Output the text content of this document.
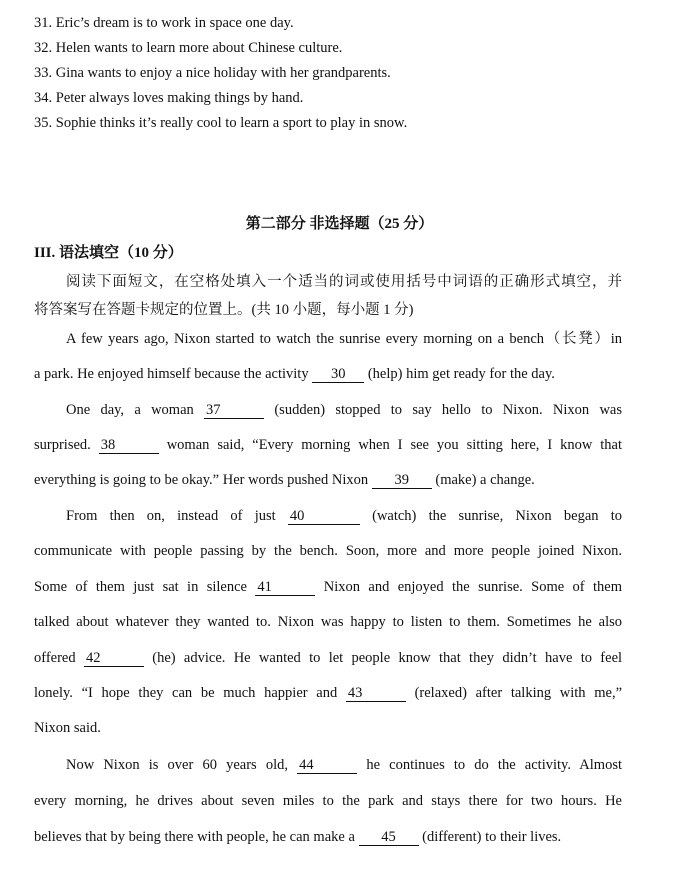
31. Eric’s dream is to work in space one day.
32. Helen wants to learn more about Chinese culture.
33. Gina wants to enjoy a nice holiday with her grandparents.
34. Peter always loves making things by hand.
35. Sophie thinks it’s really cool to learn a sport to play in snow.
第二部分 非选择题（25 分）
III. 语法填空（10 分）
阅读下面短文，在空格处填入一个适当的词或使用括号中词语的正确形式填空，并
将答案写在答题卡规定的位置上。(共 10 小题，每小题 1 分)
A few years ago, Nixon started to watch the sunrise every morning on a bench（长凳）in
a park. He enjoyed himself because the activity 30 (help) him get ready for the day.
One day, a woman 37	(sudden) stopped to say hello to Nixon. Nixon was
surprised. 38	woman said, “Every morning when I see you sitting here, I know that
everything is going to be okay.” Her words pushed Nixon 39 (make) a change.
From then on, instead of just 40	(watch) the sunrise, Nixon began to
communicate with people passing by the bench. Soon, more and more people joined Nixon.
Some of them just sat in silence 41	Nixon and enjoyed the sunrise. Some of them
talked about whatever they wanted to. Nixon was happy to listen to them. Sometimes he also
offered 42	(he) advice. He wanted to let people know that they didn’t have to feel
lonely. “I hope they can be much happier and 43	(relaxed) after talking with me,”
Nixon said.
Now Nixon is over 60 years old, 44	he continues to do the activity. Almost
every morning, he drives about seven miles to the park and stays there for two hours. He
believes that by being there with people, he can make a 45 (different) to their lives.
